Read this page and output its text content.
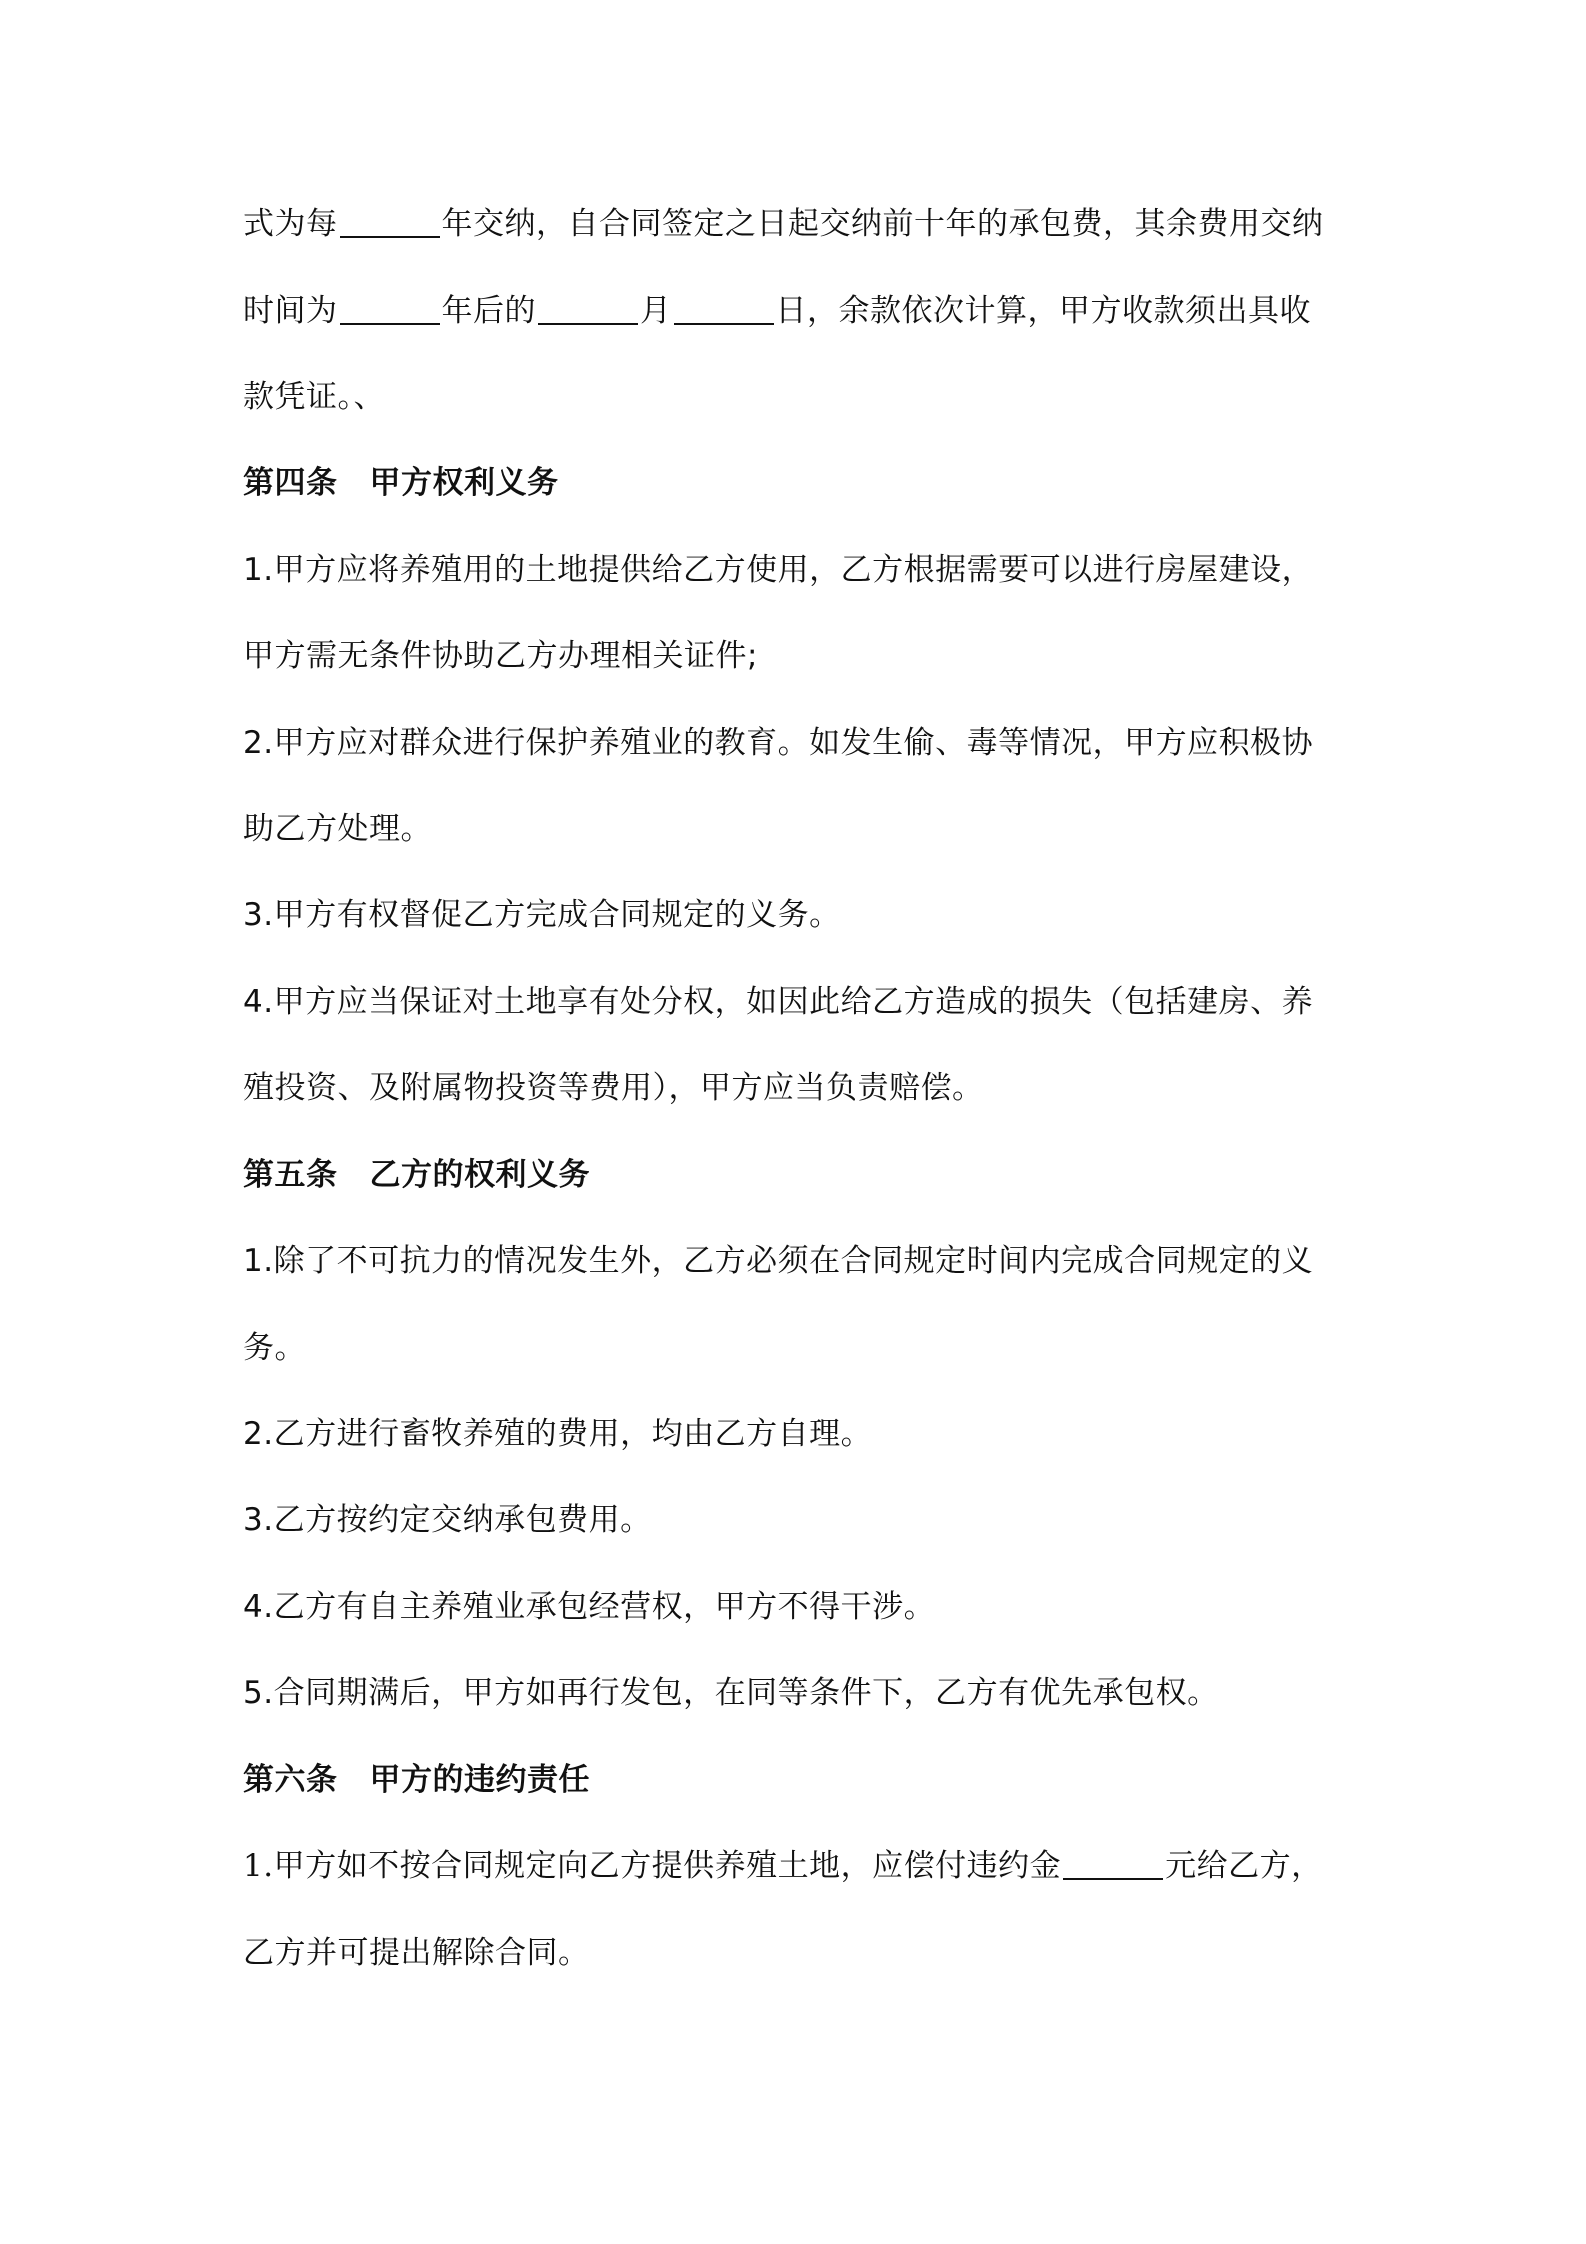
式为每	年交纳，自合同签定之日起交纳前十年的承包费，其余费用交纳
时间为	年后的	月	日，余款依次计算，甲方收款须出具收
款凭证。、
第四条 甲方权利义务
1.甲方应将养殖用的土地提供给乙方使用，乙方根据需要可以进行房屋建设，
甲方需无条件协助乙方办理相关证件;
2.甲方应对群众进行保护养殖业的教育。如发生偷、毒等情况，甲方应积极协
助乙方处理。
3.甲方有权督促乙方完成合同规定的义务。
4.甲方应当保证对土地享有处分权，如因此给乙方造成的损失（包括建房、养
殖投资、及附属物投资等费用），甲方应当负责赔偿。
第五条 乙方的权利义务
1.除了不可抗力的情况发生外，乙方必须在合同规定时间内完成合同规定的义
务。
2.乙方进行畜牧养殖的费用，均由乙方自理。
3.乙方按约定交纳承包费用。
4.乙方有自主养殖业承包经营权，甲方不得干涉。
5.合同期满后，甲方如再行发包，在同等条件下，乙方有优先承包权。
第六条 甲方的违约责任
1.甲方如不按合同规定向乙方提供养殖土地，应偿付违约金	元给乙方，
乙方并可提出解除合同。
